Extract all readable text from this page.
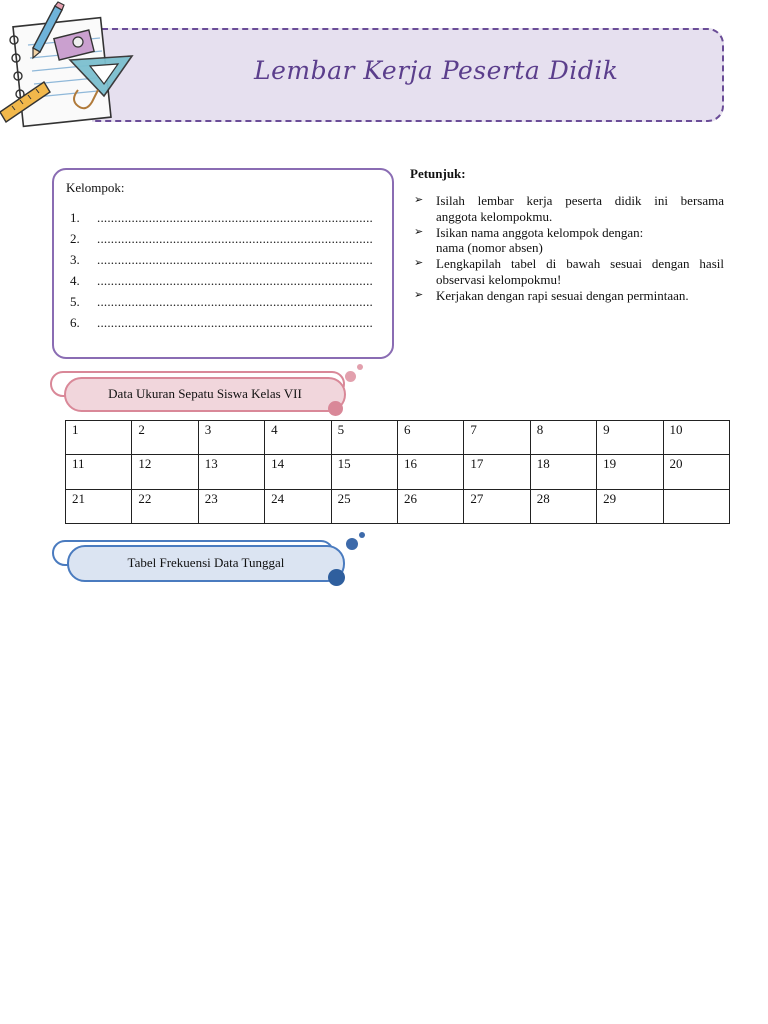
Lembar Kerja Peserta Didik
Kelompok:
1. ................................................................................
2. ................................................................................
3. ................................................................................
4. ................................................................................
5. ................................................................................
6. ................................................................................
Petunjuk:
➢ Isilah lembar kerja peserta didik ini bersama
anggota kelompokmu.
➢ Isikan nama anggota kelompok dengan:
nama (nomor absen)
➢ Lengkapilah tabel di bawah sesuai dengan hasil
observasi kelompokmu!
➢ Kerjakan dengan rapi sesuai dengan permintaan.
Data Ukuran Sepatu Siswa Kelas VII
1	2	3	4	5	6	7	8	9	10
11	12	13	14	15	16	17	18	19	20
21	22	23	24	25	26	27	28	29	
Tabel Frekuensi Data Tunggal
